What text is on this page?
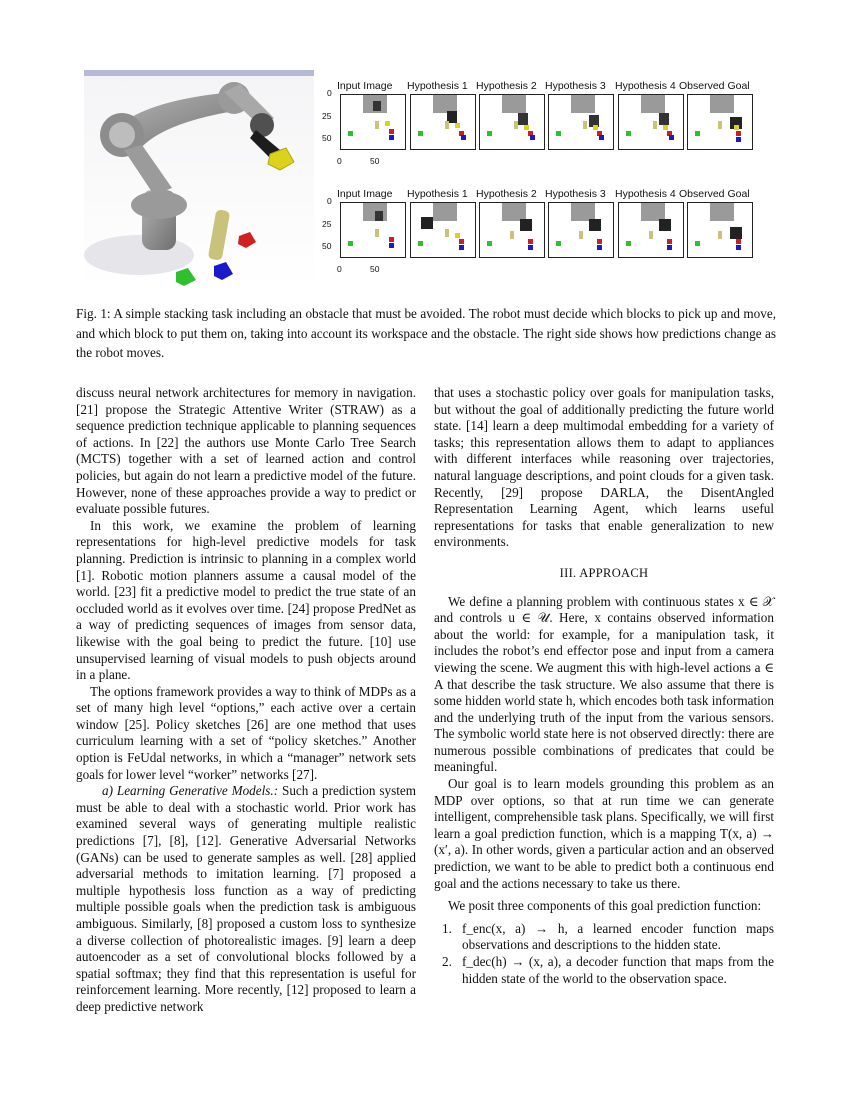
Input Image Hypothesis 1 Hypothesis 2 Hypothesis 3 Hypothesis 4 Observed Goal
0
25
50
0	50
Input Image Hypothesis 1 Hypothesis 2 Hypothesis 3 Hypothesis 4 Observed Goal
0
25
50
0	50
Fig. 1: A simple stacking task including an obstacle that must be avoided. The robot must decide which blocks to pick up and move, and which block to put them on, taking into account its workspace and the obstacle. The right side shows how predictions change as the robot moves.

discuss neural network architectures for memory in navigation. [21] propose the Strategic Attentive Writer (STRAW) as a sequence prediction technique applicable to planning sequences of actions. In [22] the authors use Monte Carlo Tree Search (MCTS) together with a set of learned action and control policies, but again do not learn a predictive model of the future. However, none of these approaches provide a way to predict or evaluate possible futures.

In this work, we examine the problem of learning representations for high-level predictive models for task planning. Prediction is intrinsic to planning in a complex world [1]. Robotic motion planners assume a causal model of the world. [23] fit a predictive model to predict the true state of an occluded world as it evolves over time. [24] propose PredNet as a way of predicting sequences of images from sensor data, likewise with the goal being to predict the future. [10] use unsupervised learning of visual models to push objects around in a plane.

The options framework provides a way to think of MDPs as a set of many high level “options,” each active over a certain window [25]. Policy sketches [26] are one method that uses curriculum learning with a set of “policy sketches.” Another option is FeUdal networks, in which a “manager” network sets goals for lower level “worker” networks [27].

a) Learning Generative Models.: Such a prediction system must be able to deal with a stochastic world. Prior work has examined several ways of generating multiple realistic predictions [7], [8], [12]. Generative Adversarial Networks (GANs) can be used to generate samples as well. [28] applied adversarial methods to imitation learning. [7] proposed a multiple hypothesis loss function as a way of predicting multiple possible goals when the prediction task is ambiguous ambiguous. Similarly, [8] proposed a custom loss to synthesize a diverse collection of photorealistic images. [9] learn a deep autoencoder as a set of convolutional blocks followed by a spatial softmax; they find that this representation is useful for reinforcement learning. More recently, [12] proposed to learn a deep predictive network

that uses a stochastic policy over goals for manipulation tasks, but without the goal of additionally predicting the future world state. [14] learn a deep multimodal embedding for a variety of tasks; this representation allows them to adapt to appliances with different interfaces while reasoning over trajectories, natural language descriptions, and point clouds for a given task. Recently, [29] propose DARLA, the DisentAngled Representation Learning Agent, which learns useful representations for tasks that enable generalization to new environments.

III. APPROACH

We define a planning problem with continuous states x ∈ 𝒳 and controls u ∈ 𝒰. Here, x contains observed information about the world: for example, for a manipulation task, it includes the robot’s end effector pose and input from a camera viewing the scene. We augment this with high-level actions a ∈ A that describe the task structure. We also assume that there is some hidden world state h, which encodes both task information and the underlying truth of the input from the various sensors. The symbolic world state here is not observed directly: there are numerous possible combinations of predicates that could be meaningful.

Our goal is to learn models grounding this problem as an MDP over options, so that at run time we can generate intelligent, comprehensible task plans. Specifically, we will first learn a goal prediction function, which is a mapping T(x, a) → (x′, a). In other words, given a particular action and an observed prediction, we want to be able to predict both a continuous end goal and the actions necessary to take us there.

We posit three components of this goal prediction function:

1. f_enc(x, a) → h, a learned encoder function maps observations and descriptions to the hidden state.
2. f_dec(h) → (x, a), a decoder function that maps from the hidden state of the world to the observation space.
